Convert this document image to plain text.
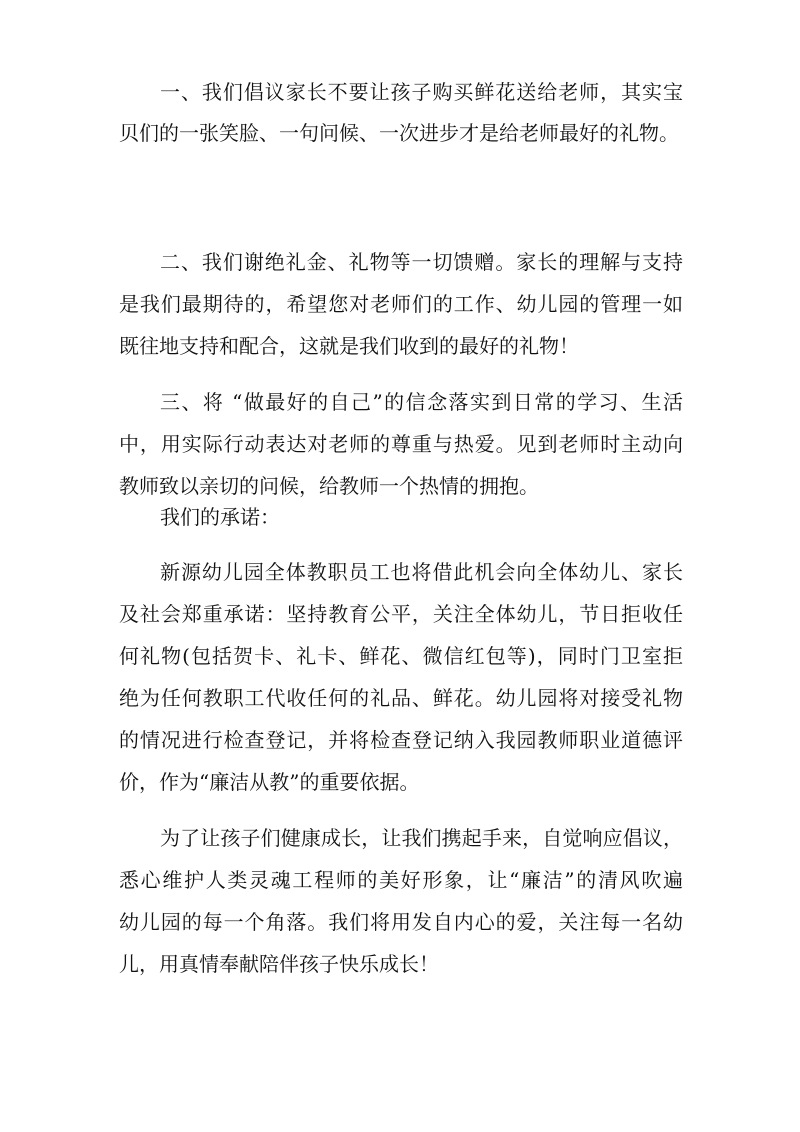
一、我们倡议家长不要让孩子购买鲜花送给老师，其实宝
贝们的一张笑脸、一句问候、一次进步才是给老师最好的礼物。
二、我们谢绝礼金、礼物等一切馈赠。家长的理解与支持
是我们最期待的，希望您对老师们的工作、幼儿园的管理一如
既往地支持和配合，这就是我们收到的最好的礼物！
三、将 “做最好的自己”的信念落实到日常的学习、生活
中，用实际行动表达对老师的尊重与热爱。见到老师时主动向
教师致以亲切的问候，给教师一个热情的拥抱。
我们的承诺：
新源幼儿园全体教职员工也将借此机会向全体幼儿、家长
及社会郑重承诺：坚持教育公平，关注全体幼儿，节日拒收任
何礼物(包括贺卡、礼卡、鲜花、微信红包等)，同时门卫室拒
绝为任何教职工代收任何的礼品、鲜花。幼儿园将对接受礼物
的情况进行检查登记，并将检查登记纳入我园教师职业道德评
价，作为“廉洁从教”的重要依据。
为了让孩子们健康成长，让我们携起手来，自觉响应倡议，
悉心维护人类灵魂工程师的美好形象，让“廉洁”的清风吹遍
幼儿园的每一个角落。我们将用发自内心的爱，关注每一名幼
儿，用真情奉献陪伴孩子快乐成长！
